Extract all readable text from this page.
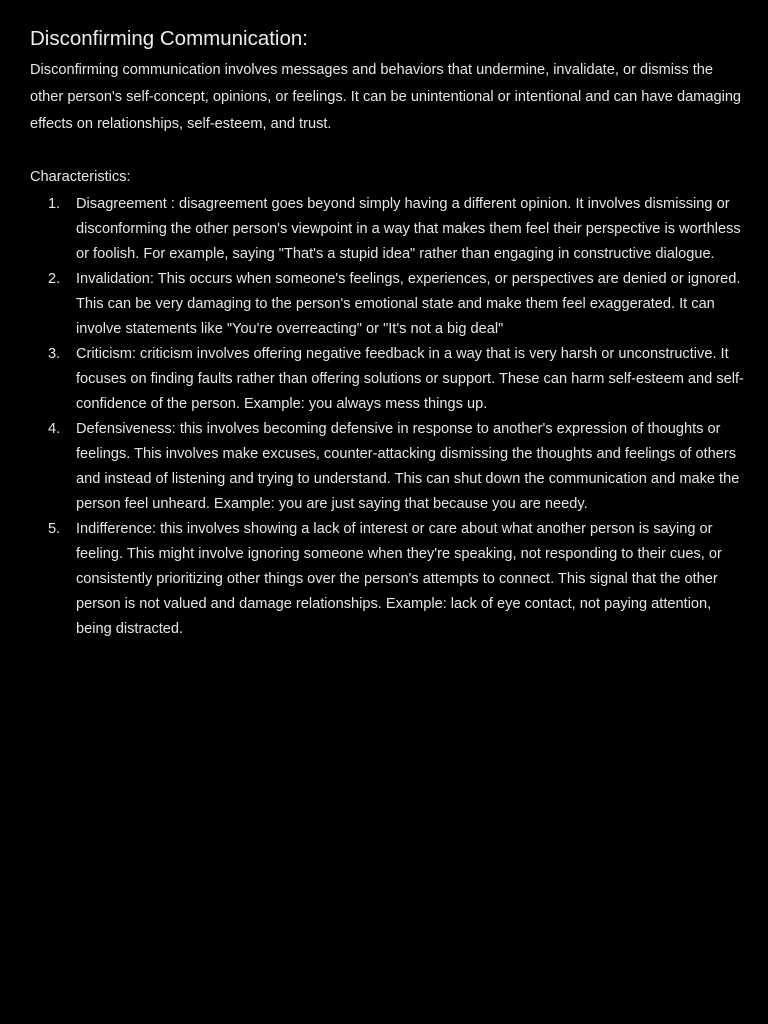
Disconfirming Communication:

Disconfirming communication involves messages and behaviors that undermine, invalidate, or dismiss the other person's self-concept, opinions, or feelings. It can be unintentional or intentional and can have damaging effects on relationships, self-esteem, and trust.

Characteristics:

1.	Disagreement : disagreement goes beyond simply having a different opinion. It involves dismissing or disconforming the other person's viewpoint in a way that makes them feel their perspective is worthless or foolish. For example, saying "That's a stupid idea" rather than engaging in constructive dialogue.
2.	Invalidation: This occurs when someone's feelings, experiences, or perspectives are denied or ignored. This can be very damaging to the person's emotional state and make them feel exaggerated. It can involve statements like "You're overreacting" or "It's not a big deal"
3.	Criticism: criticism involves offering negative feedback in a way that is very harsh or unconstructive. It focuses on finding faults rather than offering solutions or support. These can harm self-esteem and self-confidence of the person. Example: you always mess things up.
4.	Defensiveness: this involves becoming defensive in response to another's expression of thoughts or feelings. This involves make excuses, counter-attacking dismissing the thoughts and feelings of others and instead of listening and trying to understand. This can shut down the communication and make the person feel unheard. Example: you are just saying that because you are needy.
5.	Indifference: this involves showing a lack of interest or care about what another person is saying or feeling. This might involve ignoring someone when they're speaking, not responding to their cues, or consistently prioritizing other things over the person's attempts to connect. This signal that the other person is not valued and damage relationships. Example: lack of eye contact, not paying attention, being distracted.
